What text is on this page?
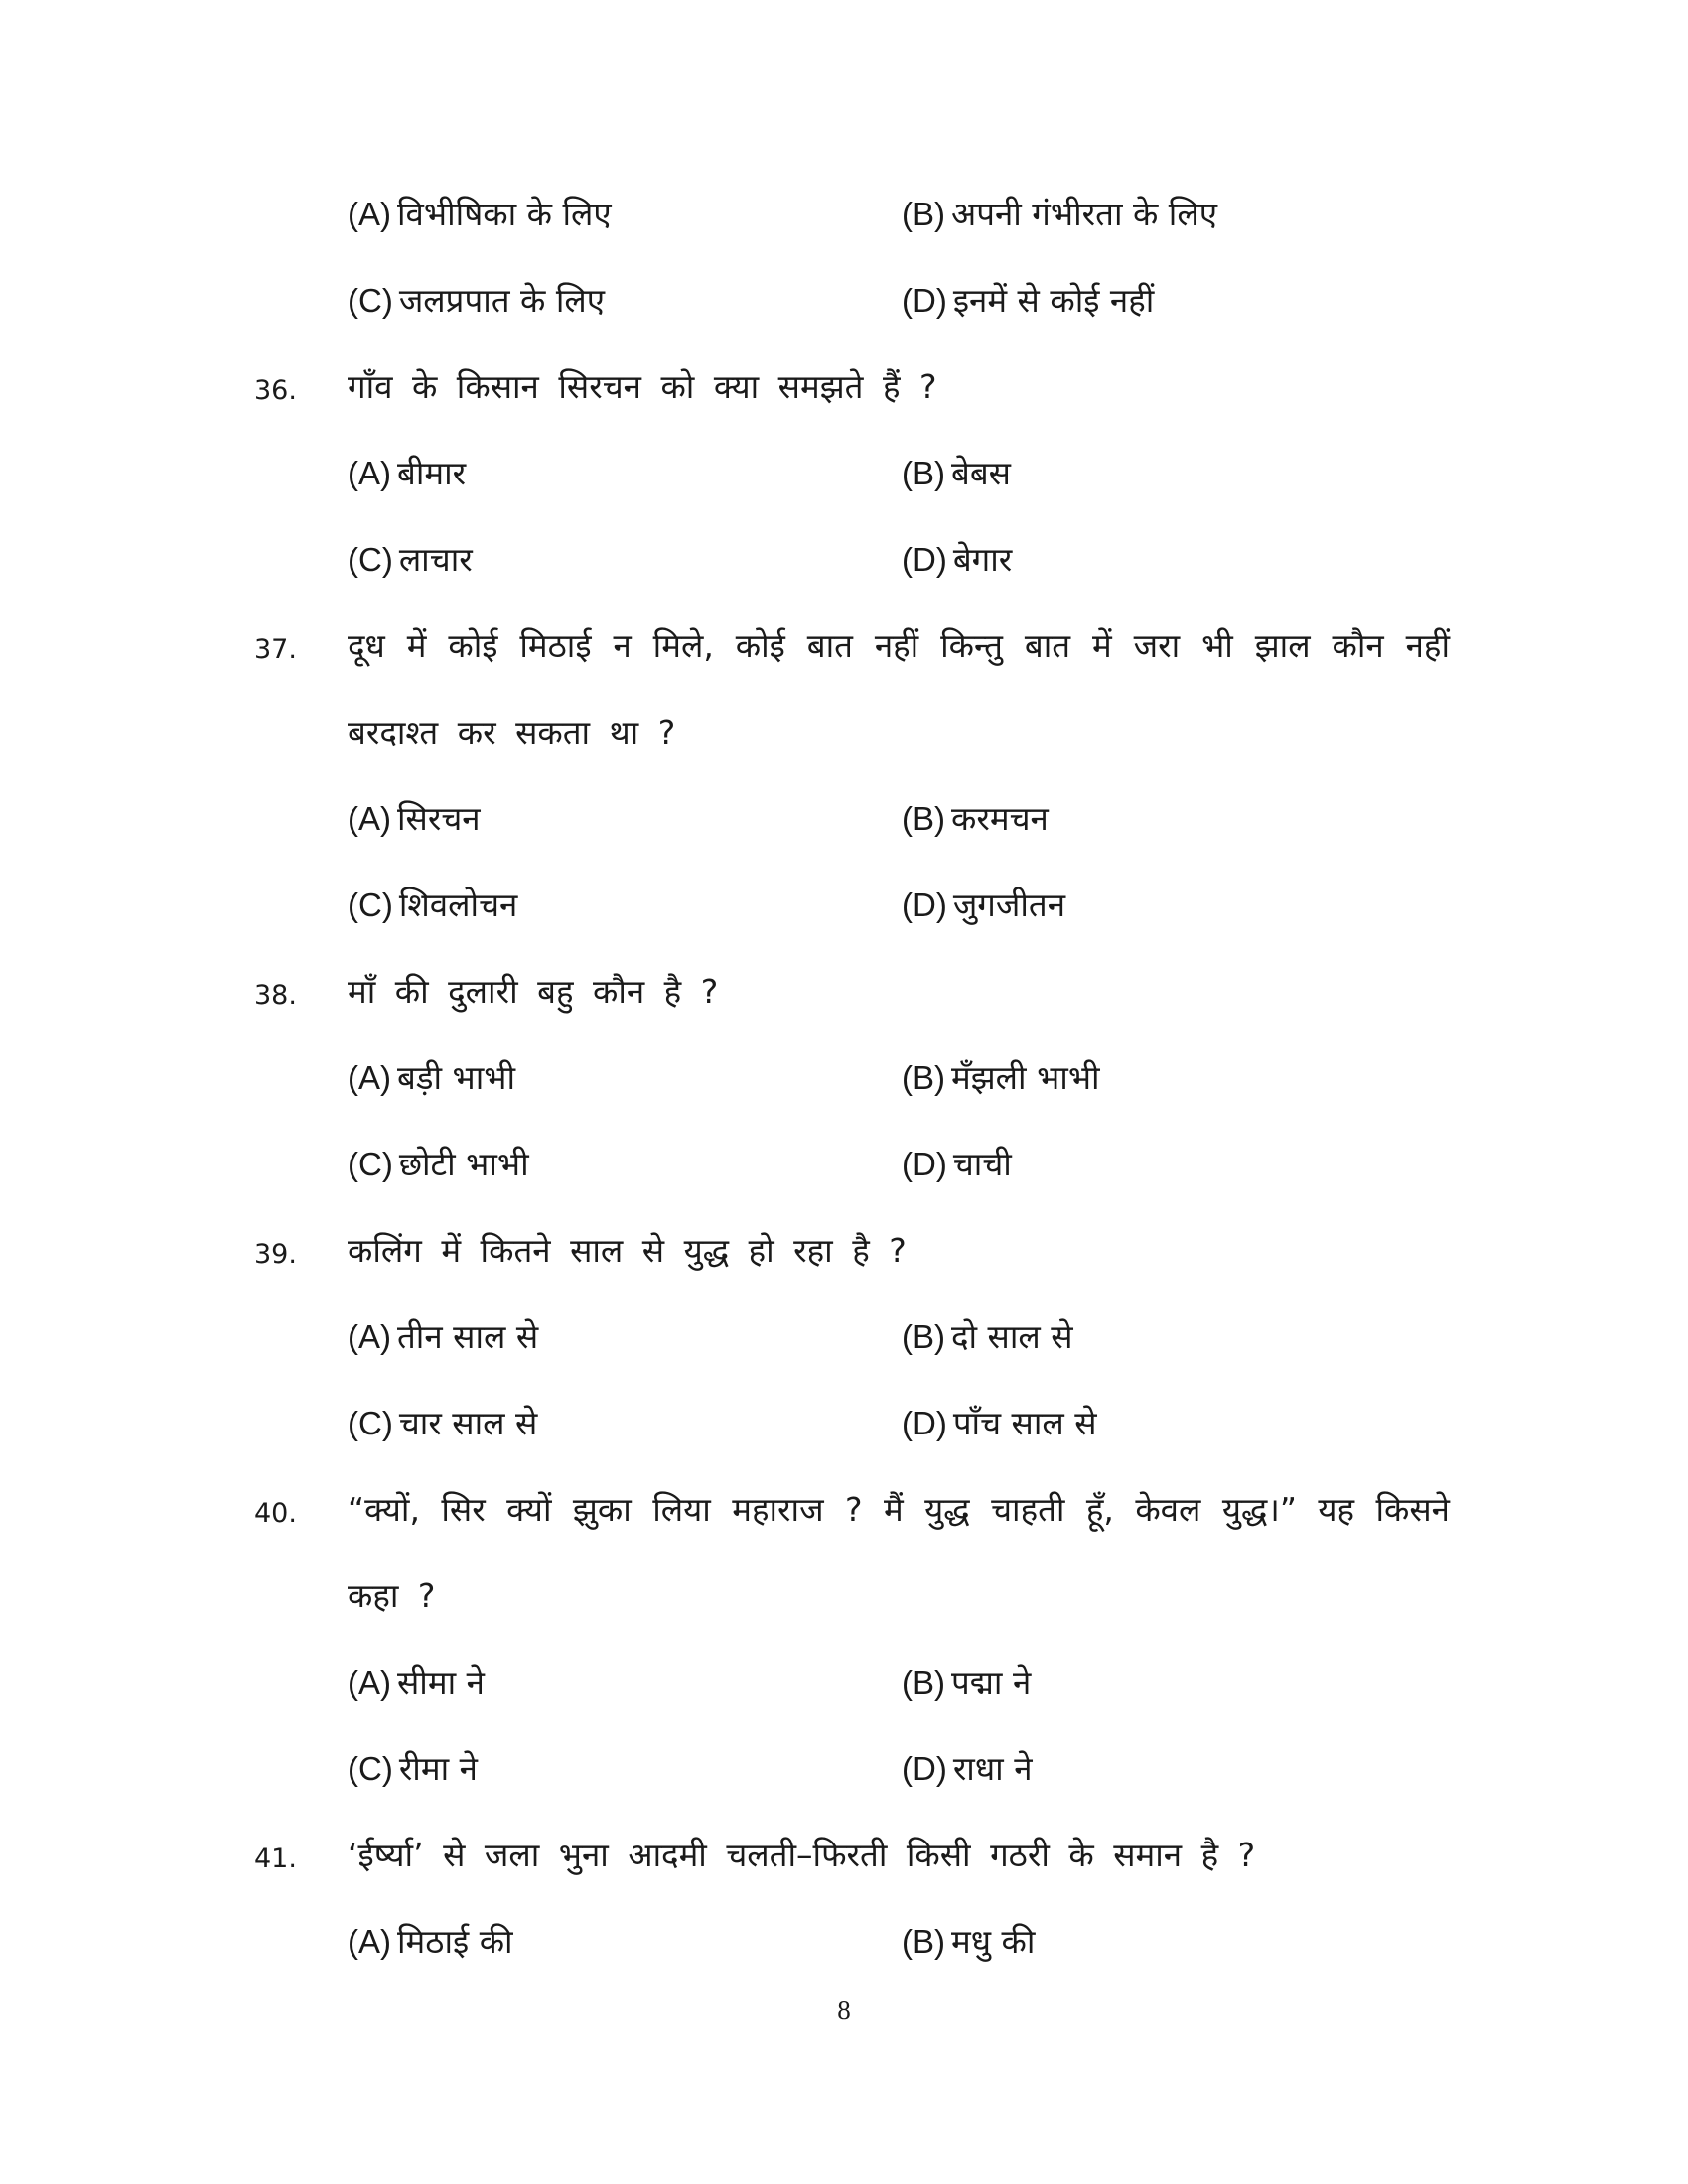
(A) विभीषिका के लिए	(B) अपनी गंभीरता के लिए
(C) जलप्रपात के लिए	(D) इनमें से कोई नहीं
36. गाँव के किसान सिरचन को क्या समझते हैं ?
(A) बीमार	(B) बेबस
(C) लाचार	(D) बेगार
37. दूध में कोई मिठाई न मिले, कोई बात नहीं किन्तु बात में जरा भी झाल कौन नहीं
बरदाश्त कर सकता था ?
(A) सिरचन	(B) करमचन
(C) शिवलोचन	(D) जुगजीतन
38. माँ की दुलारी बहु कौन है ?
(A) बड़ी भाभी	(B) मँझली भाभी
(C) छोटी भाभी	(D) चाची
39. कलिंग में कितने साल से युद्ध हो रहा है ?
(A) तीन साल से	(B) दो साल से
(C) चार साल से	(D) पाँच साल से
40. “क्यों, सिर क्यों झुका लिया महाराज ? मैं युद्ध चाहती हूँ, केवल युद्ध।” यह किसने
कहा ?
(A) सीमा ने	(B) पद्मा ने
(C) रीमा ने	(D) राधा ने
41. ‘ईर्ष्या’ से जला भुना आदमी चलती–फिरती किसी गठरी के समान है ?
(A) मिठाई की	(B) मधु की
8
